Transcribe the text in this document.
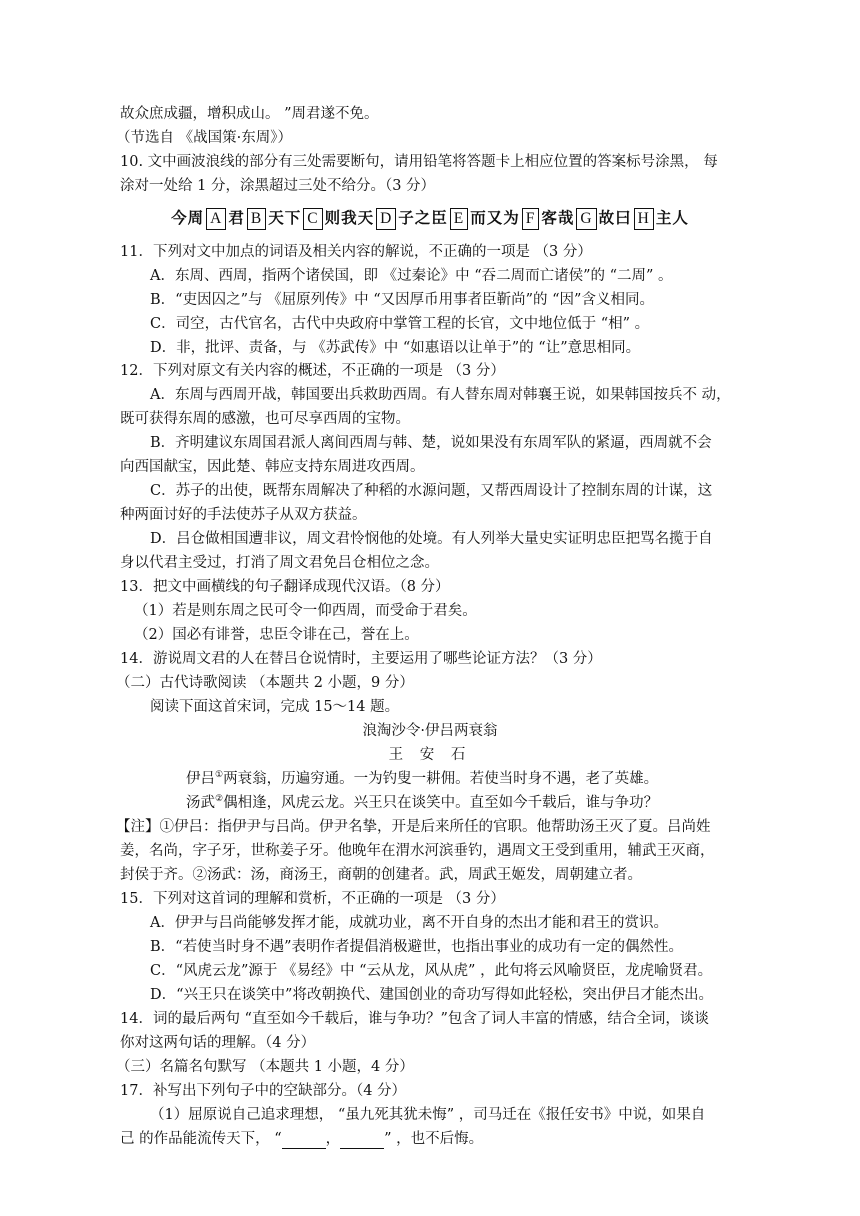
故众庶成疆，增积成山。 ”周君遂不免。
（节选自 《战国策·东周》）
10. 文中画波浪线的部分有三处需要断句，请用铅笔将答题卡上相应位置的答案标号涂黑， 每
涂对一处给 1 分，涂黑超过三处不给分。（3 分）
今周 A 君 B 天下 C 则我天 D 子之臣 E 而又为 F 客哉 G 故曰 H 主人
11．下列对文中加点的词语及相关内容的解说，不正确的一项是 （3 分）
A．东周、西周，指两个诸侯国，即 《过秦论》中 “吞二周而亡诸侯”的 “二周” 。
B．“吏因囚之”与 《屈原列传》中 “又因厚币用事者臣靳尚”的 “因”含义相同。
C．司空，古代官名，古代中央政府中掌管工程的长官，文中地位低于 “相” 。
D．非，批评、责备，与 《苏武传》中 “如惠语以让单于”的 “让”意思相同。
12．下列对原文有关内容的概述，不正确的一项是 （3 分）
A．东周与西周开战，韩国要出兵救助西周。有人替东周对韩襄王说，如果韩国按兵不 动，
既可获得东周的感激，也可尽享西周的宝物。
B．齐明建议东周国君派人离间西周与韩、楚，说如果没有东周军队的紧逼，西周就不会
向西国献宝，因此楚、韩应支持东周进攻西周。
C．苏子的出使，既帮东周解决了种稻的水源问题，又帮西周设计了控制东周的计谋，这
种两面讨好的手法使苏子从双方获益。
D．吕仓做相国遭非议，周文君怜悯他的处境。有人列举大量史实证明忠臣把骂名揽于自
身以代君主受过，打消了周文君免吕仓相位之念。
13．把文中画横线的句子翻译成现代汉语。（8 分）
（1）若是则东周之民可令一仰西周，而受命于君矣。
（2）国必有诽誉，忠臣令诽在己，誉在上。
14．游说周文君的人在替吕仓说情时，主要运用了哪些论证方法？（3 分）
（二）古代诗歌阅读 （本题共 2 小题，9 分）
阅读下面这首宋词，完成 15～14 题。
浪淘沙令·伊吕两衰翁
王 安 石
伊吕①两衰翁，历遍穷通。一为钓叟一耕佣。若使当时身不遇，老了英雄。
汤武②偶相逢，风虎云龙。兴王只在谈笑中。直至如今千载后，谁与争功？
【注】①伊吕：指伊尹与吕尚。伊尹名挚，开是后来所任的官职。他帮助汤王灭了夏。吕尚姓
姜，名尚，字子牙，世称姜子牙。他晚年在渭水河滨垂钓，遇周文王受到重用，辅武王灭商，
封侯于齐。②汤武：汤，商汤王，商朝的创建者。武，周武王姬发，周朝建立者。
15．下列对这首词的理解和赏析，不正确的一项是 （3 分）
A．伊尹与吕尚能够发挥才能，成就功业，离不开自身的杰出才能和君王的赏识。
B．“若使当时身不遇”表明作者提倡消极避世，也指出事业的成功有一定的偶然性。
C．“风虎云龙”源于 《易经》中 “云从龙，风从虎” ，此句将云风喻贤臣，龙虎喻贤君。
D．“兴王只在谈笑中”将改朝换代、建国创业的奇功写得如此轻松，突出伊吕才能杰出。
14．词的最后两句 “直至如今千载后，谁与争功？”包含了词人丰富的情感，结合全词，谈谈
你对这两句话的理解。（4 分）
（三）名篇名句默写 （本题共 1 小题，4 分）
17．补写出下列句子中的空缺部分。（4 分）
（1）屈原说自己追求理想， “虽九死其犹未悔” ，司马迁在《报任安书》中说，如果自
己 的作品能流传天下， “	，	” ，也不后悔。
